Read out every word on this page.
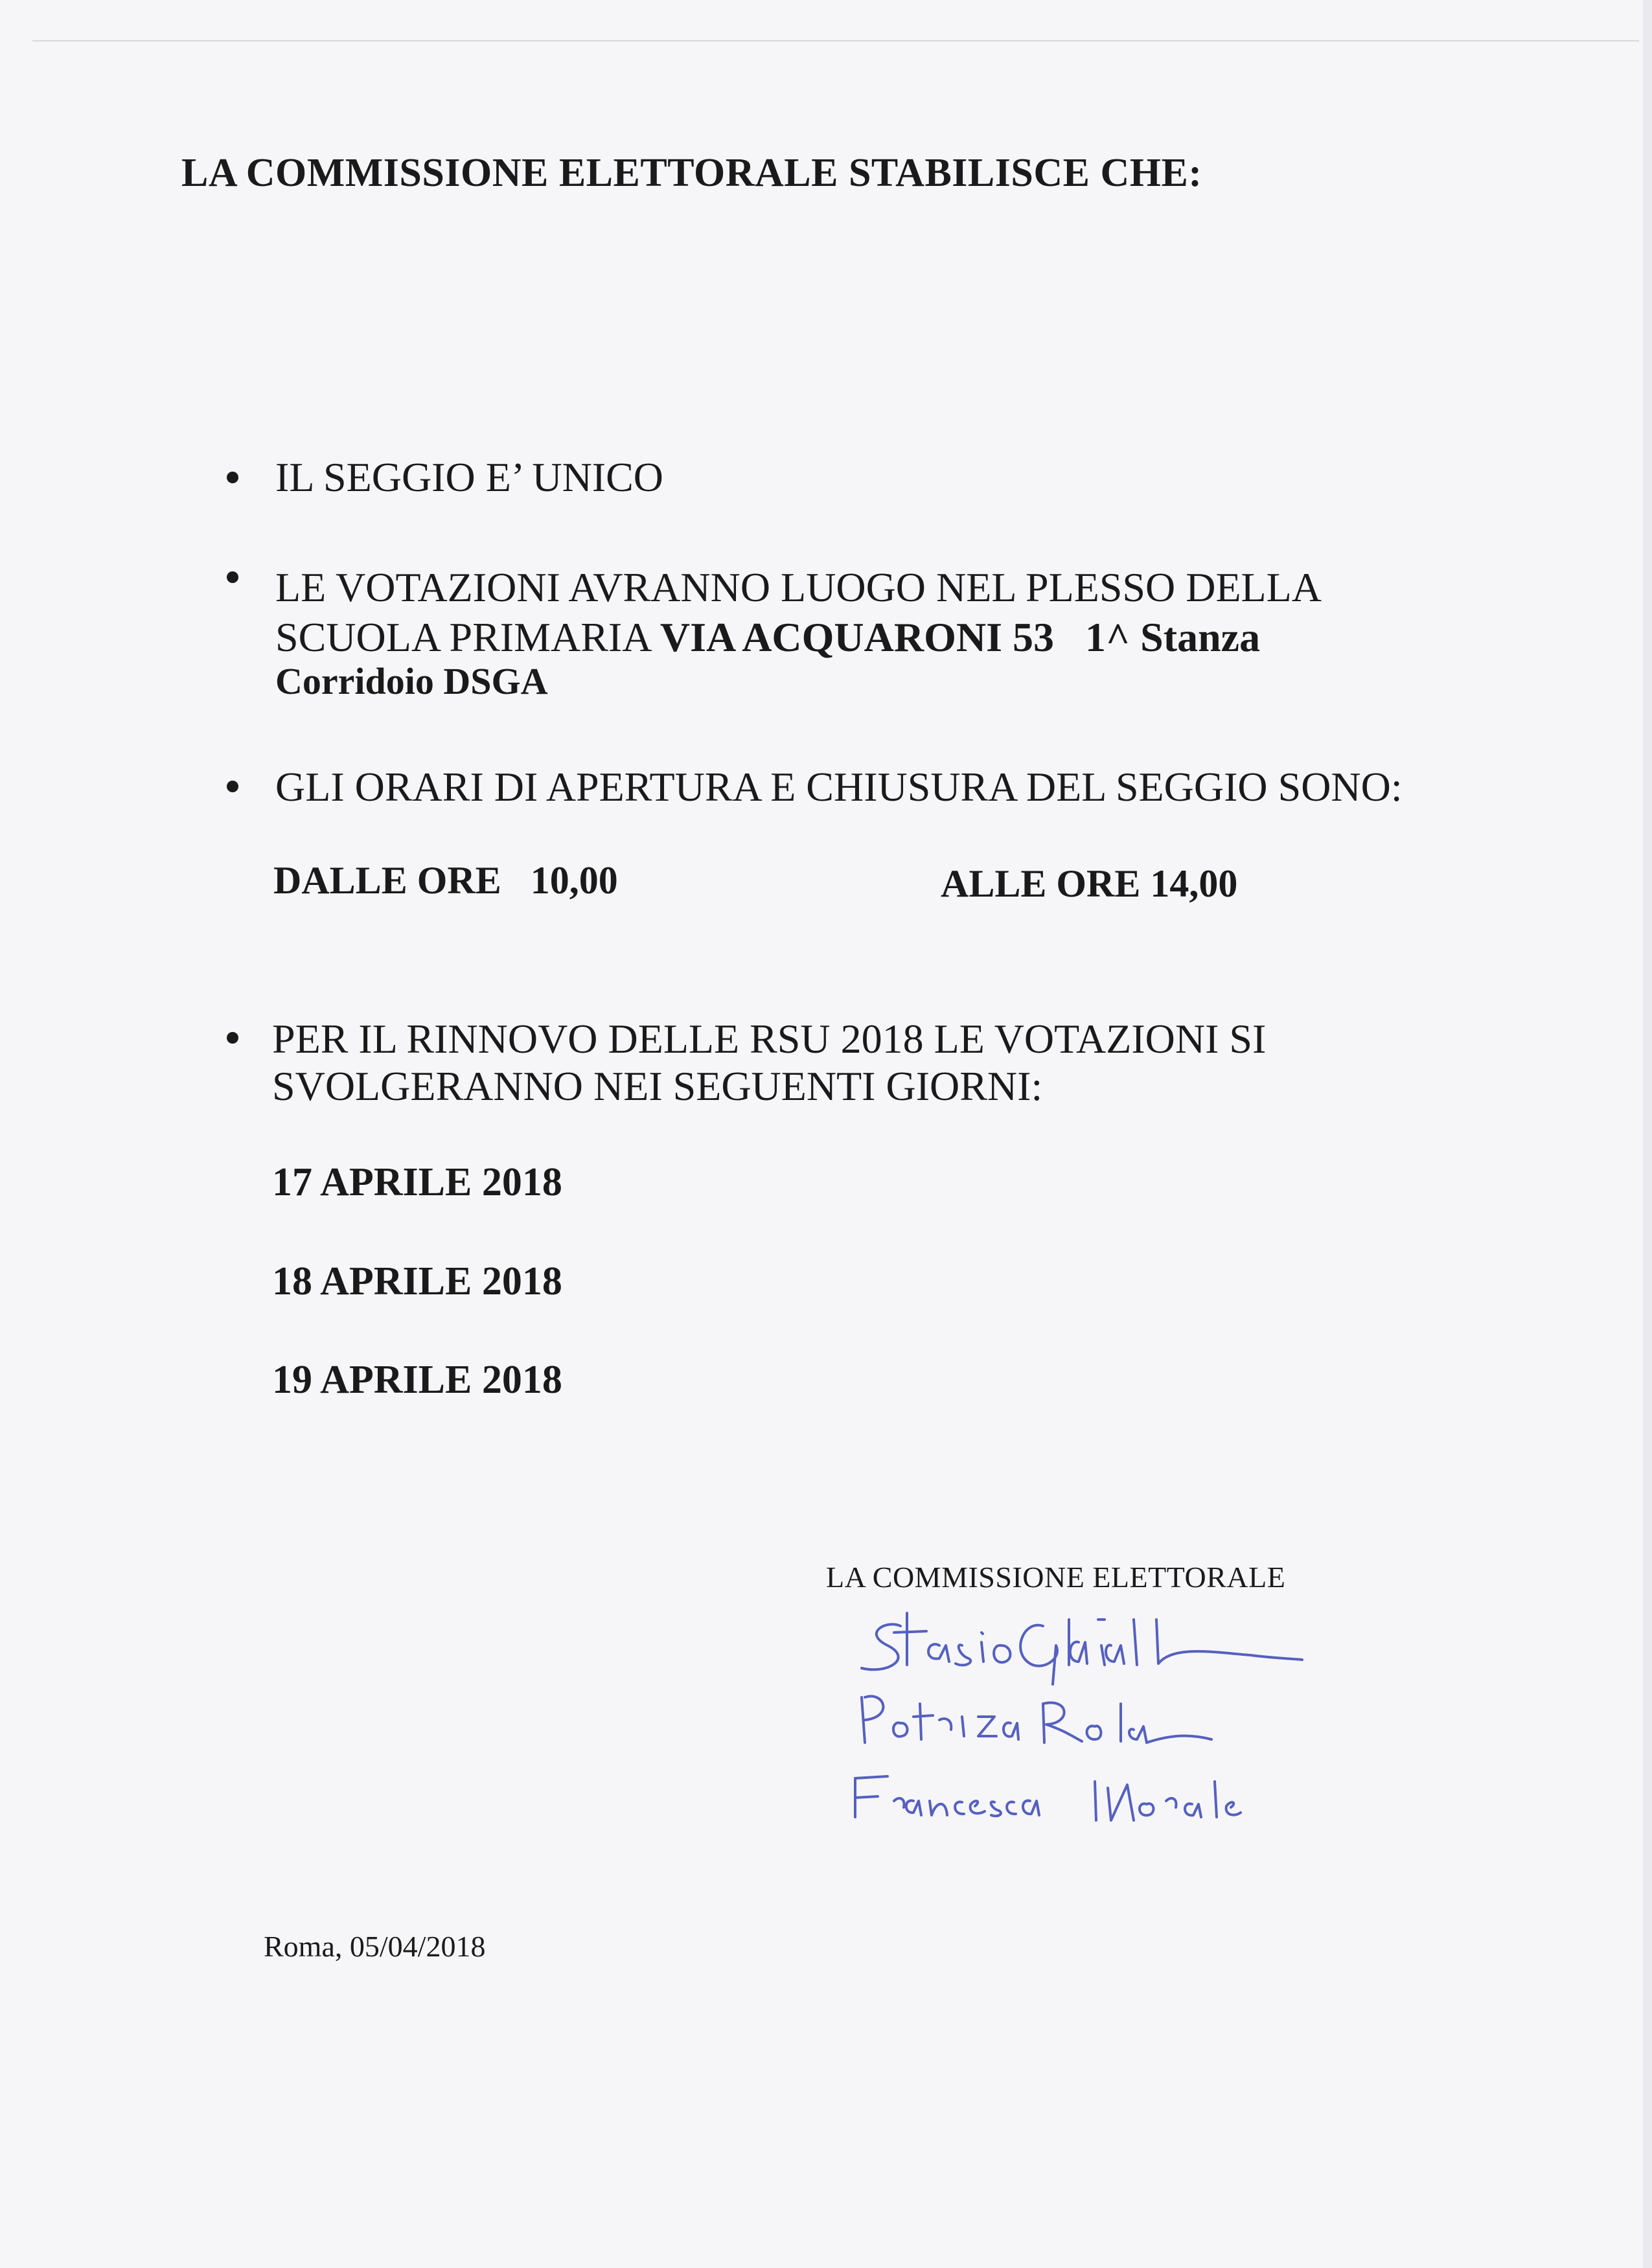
LA COMMISSIONE ELETTORALE STABILISCE CHE:
IL SEGGIO E’ UNICO
LE VOTAZIONI AVRANNO LUOGO NEL PLESSO DELLA
SCUOLA PRIMARIA VIA ACQUARONI 53   1^ Stanza
Corridoio DSGA
GLI ORARI DI APERTURA E CHIUSURA DEL SEGGIO SONO:
DALLE ORE   10,00	ALLE ORE 14,00
PER IL RINNOVO DELLE RSU 2018 LE VOTAZIONI SI
SVOLGERANNO NEI SEGUENTI GIORNI:
17 APRILE 2018
18 APRILE 2018
19 APRILE 2018
LA COMMISSIONE ELETTORALE
Roma, 05/04/2018
